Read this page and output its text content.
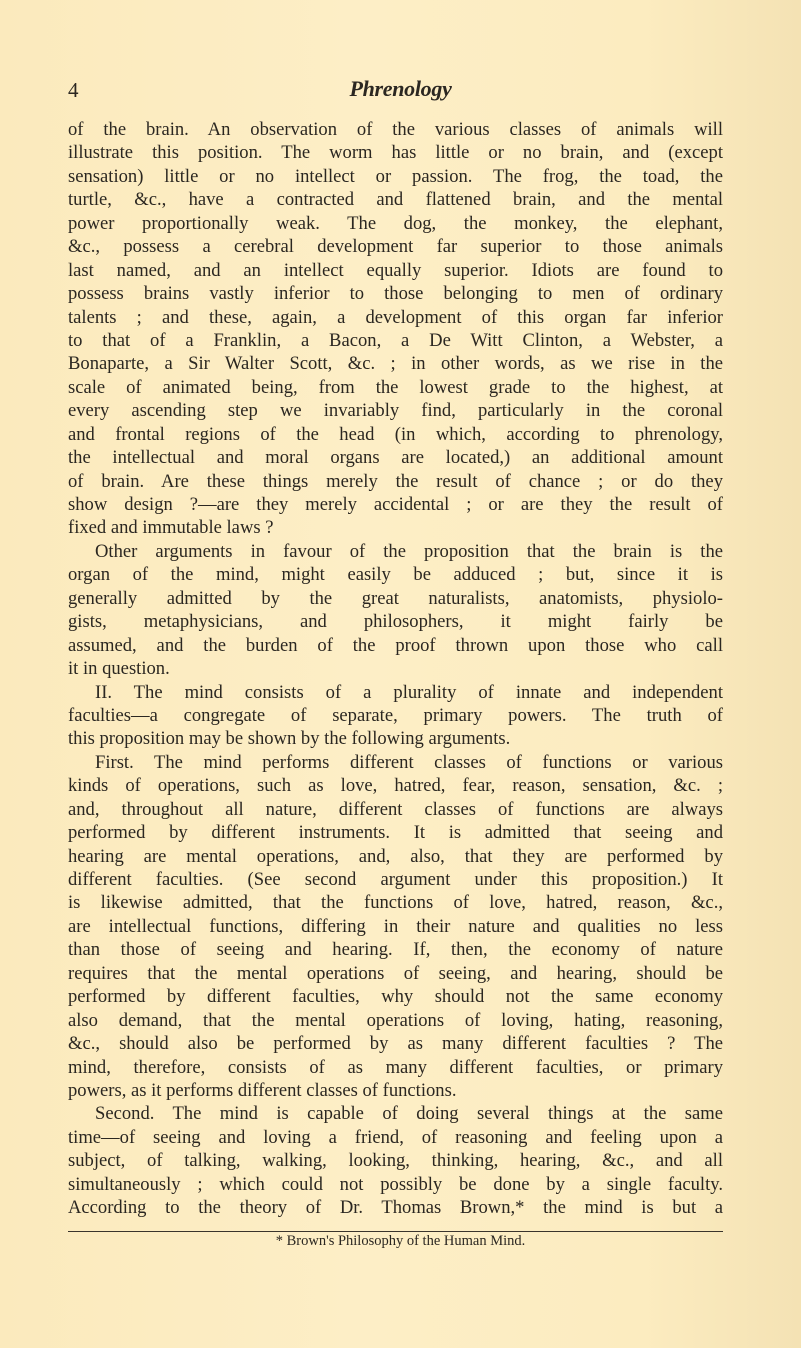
4	Phrenology
of the brain. An observation of the various classes of animals will
illustrate this position. The worm has little or no brain, and (except
sensation) little or no intellect or passion. The frog, the toad, the
turtle, &c., have a contracted and flattened brain, and the mental
power proportionally weak. The dog, the monkey, the elephant,
&c., possess a cerebral development far superior to those animals
last named, and an intellect equally superior. Idiots are found to
possess brains vastly inferior to those belonging to men of ordinary
talents ; and these, again, a development of this organ far inferior
to that of a Franklin, a Bacon, a De Witt Clinton, a Webster, a
Bonaparte, a Sir Walter Scott, &c. ; in other words, as we rise in the
scale of animated being, from the lowest grade to the highest, at
every ascending step we invariably find, particularly in the coronal
and frontal regions of the head (in which, according to phrenology,
the intellectual and moral organs are located,) an additional amount
of brain. Are these things merely the result of chance ; or do they
show design ?—are they merely accidental ; or are they the result of
fixed and immutable laws ?
Other arguments in favour of the proposition that the brain is the
organ of the mind, might easily be adduced ; but, since it is
generally admitted by the great naturalists, anatomists, physiolo-
gists, metaphysicians, and philosophers, it might fairly be
assumed, and the burden of the proof thrown upon those who call
it in question.
II. The mind consists of a plurality of innate and independent
faculties—a congregate of separate, primary powers. The truth of
this proposition may be shown by the following arguments.
First. The mind performs different classes of functions or various
kinds of operations, such as love, hatred, fear, reason, sensation, &c. ;
and, throughout all nature, different classes of functions are always
performed by different instruments. It is admitted that seeing and
hearing are mental operations, and, also, that they are performed by
different faculties. (See second argument under this proposition.) It
is likewise admitted, that the functions of love, hatred, reason, &c.,
are intellectual functions, differing in their nature and qualities no less
than those of seeing and hearing. If, then, the economy of nature
requires that the mental operations of seeing, and hearing, should be
performed by different faculties, why should not the same economy
also demand, that the mental operations of loving, hating, reasoning,
&c., should also be performed by as many different faculties ? The
mind, therefore, consists of as many different faculties, or primary
powers, as it performs different classes of functions.
Second. The mind is capable of doing several things at the same
time—of seeing and loving a friend, of reasoning and feeling upon a
subject, of talking, walking, looking, thinking, hearing, &c., and all
simultaneously ; which could not possibly be done by a single faculty.
According to the theory of Dr. Thomas Brown,* the mind is but a
* Brown's Philosophy of the Human Mind.
